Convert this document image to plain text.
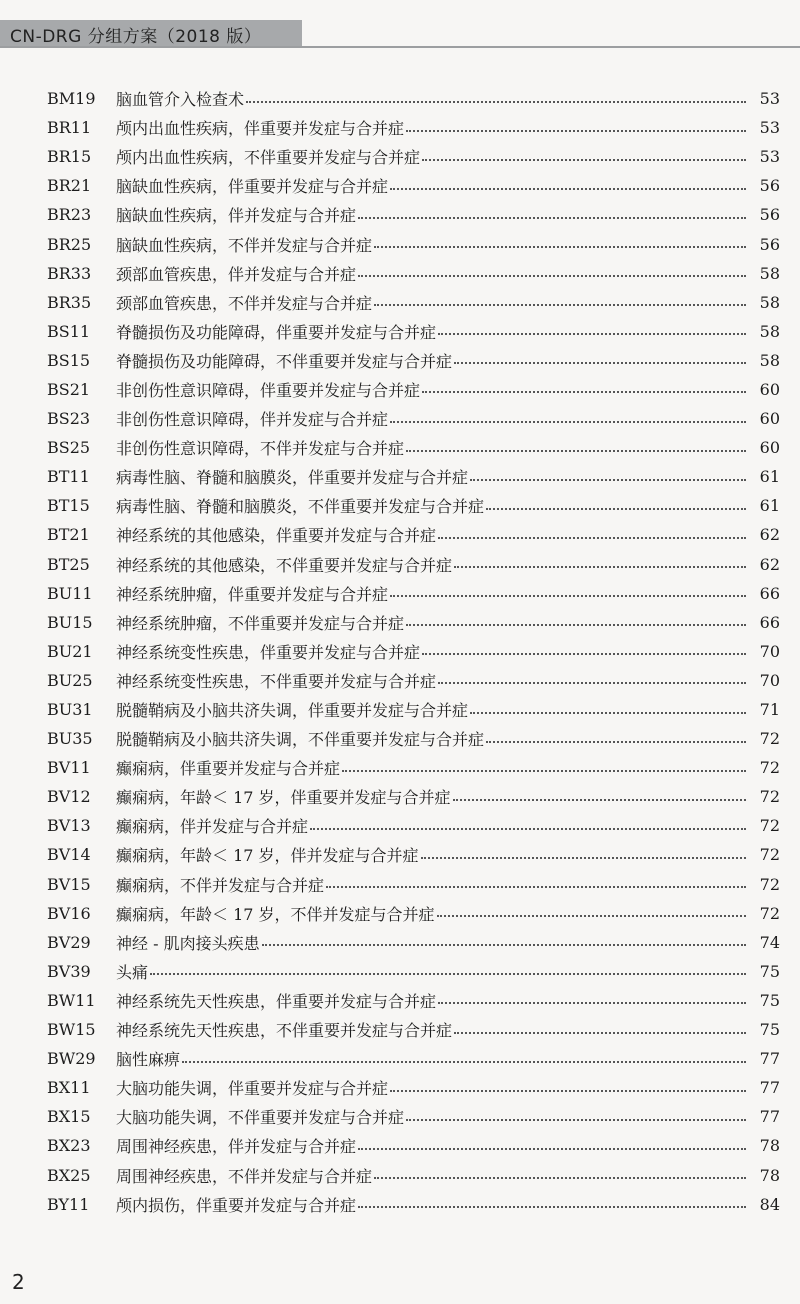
CN-DRG 分组方案（2018 版）
BM19	脑血管介入检查术	53
BR11	颅内出血性疾病，伴重要并发症与合并症	53
BR15	颅内出血性疾病，不伴重要并发症与合并症	53
BR21	脑缺血性疾病，伴重要并发症与合并症	56
BR23	脑缺血性疾病，伴并发症与合并症	56
BR25	脑缺血性疾病，不伴并发症与合并症	56
BR33	颈部血管疾患，伴并发症与合并症	58
BR35	颈部血管疾患，不伴并发症与合并症	58
BS11	脊髓损伤及功能障碍，伴重要并发症与合并症	58
BS15	脊髓损伤及功能障碍，不伴重要并发症与合并症	58
BS21	非创伤性意识障碍，伴重要并发症与合并症	60
BS23	非创伤性意识障碍，伴并发症与合并症	60
BS25	非创伤性意识障碍，不伴并发症与合并症	60
BT11	病毒性脑、脊髓和脑膜炎，伴重要并发症与合并症	61
BT15	病毒性脑、脊髓和脑膜炎，不伴重要并发症与合并症	61
BT21	神经系统的其他感染，伴重要并发症与合并症	62
BT25	神经系统的其他感染，不伴重要并发症与合并症	62
BU11	神经系统肿瘤，伴重要并发症与合并症	66
BU15	神经系统肿瘤，不伴重要并发症与合并症	66
BU21	神经系统变性疾患，伴重要并发症与合并症	70
BU25	神经系统变性疾患，不伴重要并发症与合并症	70
BU31	脱髓鞘病及小脑共济失调，伴重要并发症与合并症	71
BU35	脱髓鞘病及小脑共济失调，不伴重要并发症与合并症	72
BV11	癫痫病，伴重要并发症与合并症	72
BV12	癫痫病，年龄＜ 17 岁，伴重要并发症与合并症	72
BV13	癫痫病，伴并发症与合并症	72
BV14	癫痫病，年龄＜ 17 岁，伴并发症与合并症	72
BV15	癫痫病，不伴并发症与合并症	72
BV16	癫痫病，年龄＜ 17 岁，不伴并发症与合并症	72
BV29	神经 - 肌肉接头疾患	74
BV39	头痛	75
BW11	神经系统先天性疾患，伴重要并发症与合并症	75
BW15	神经系统先天性疾患，不伴重要并发症与合并症	75
BW29	脑性麻痹	77
BX11	大脑功能失调，伴重要并发症与合并症	77
BX15	大脑功能失调，不伴重要并发症与合并症	77
BX23	周围神经疾患，伴并发症与合并症	78
BX25	周围神经疾患，不伴并发症与合并症	78
BY11	颅内损伤，伴重要并发症与合并症	84
2
